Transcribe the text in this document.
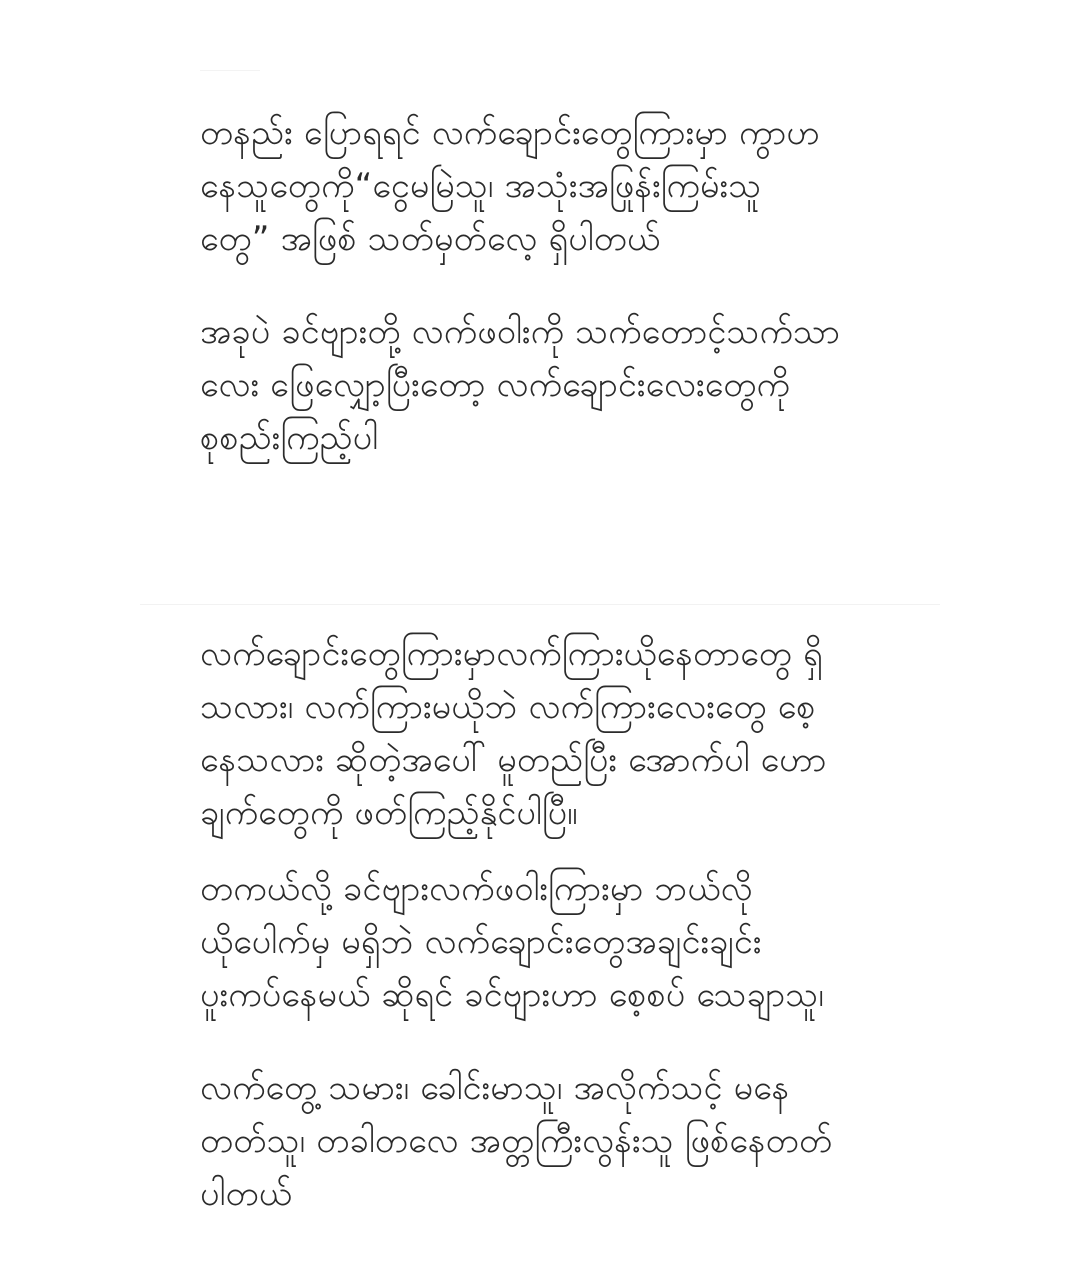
တနည်း ပြောရရင် လက်ချောင်းတွေကြားမှာ ကွာဟ
နေသူတွေကို“ငွေမမြဲသူ၊ အသုံးအဖြုန်းကြမ်းသူ
တွေ” အဖြစ် သတ်မှတ်လေ့ ရှိပါတယ်

အခုပဲ ခင်ဗျားတို့ လက်ဖဝါးကို သက်တောင့်သက်သာ
လေး ဖြေလျှော့ပြီးတော့ လက်ချောင်းလေးတွေကို
စုစည်းကြည့်ပါ

လက်ချောင်းတွေကြားမှာလက်ကြားယိုနေတာတွေ ရှိ
သလား၊ လက်ကြားမယိုဘဲ လက်ကြားလေးတွေ စေ့
နေသလား ဆိုတဲ့အပေါ် မူတည်ပြီး အောက်ပါ ဟော
ချက်တွေကို ဖတ်ကြည့်နိုင်ပါပြီ။

တကယ်လို့ ခင်ဗျားလက်ဖဝါးကြားမှာ ဘယ်လို
ယိုပေါက်မှ မရှိဘဲ လက်ချောင်းတွေအချင်းချင်း
ပူးကပ်နေမယ် ဆိုရင် ခင်ဗျားဟာ စေ့စပ် သေချာသူ၊

လက်တွေ့ သမား၊ ခေါင်းမာသူ၊ အလိုက်သင့် မနေ
တတ်သူ၊ တခါတလေ အတ္တကြီးလွန်းသူ ဖြစ်နေတတ်
ပါတယ်
